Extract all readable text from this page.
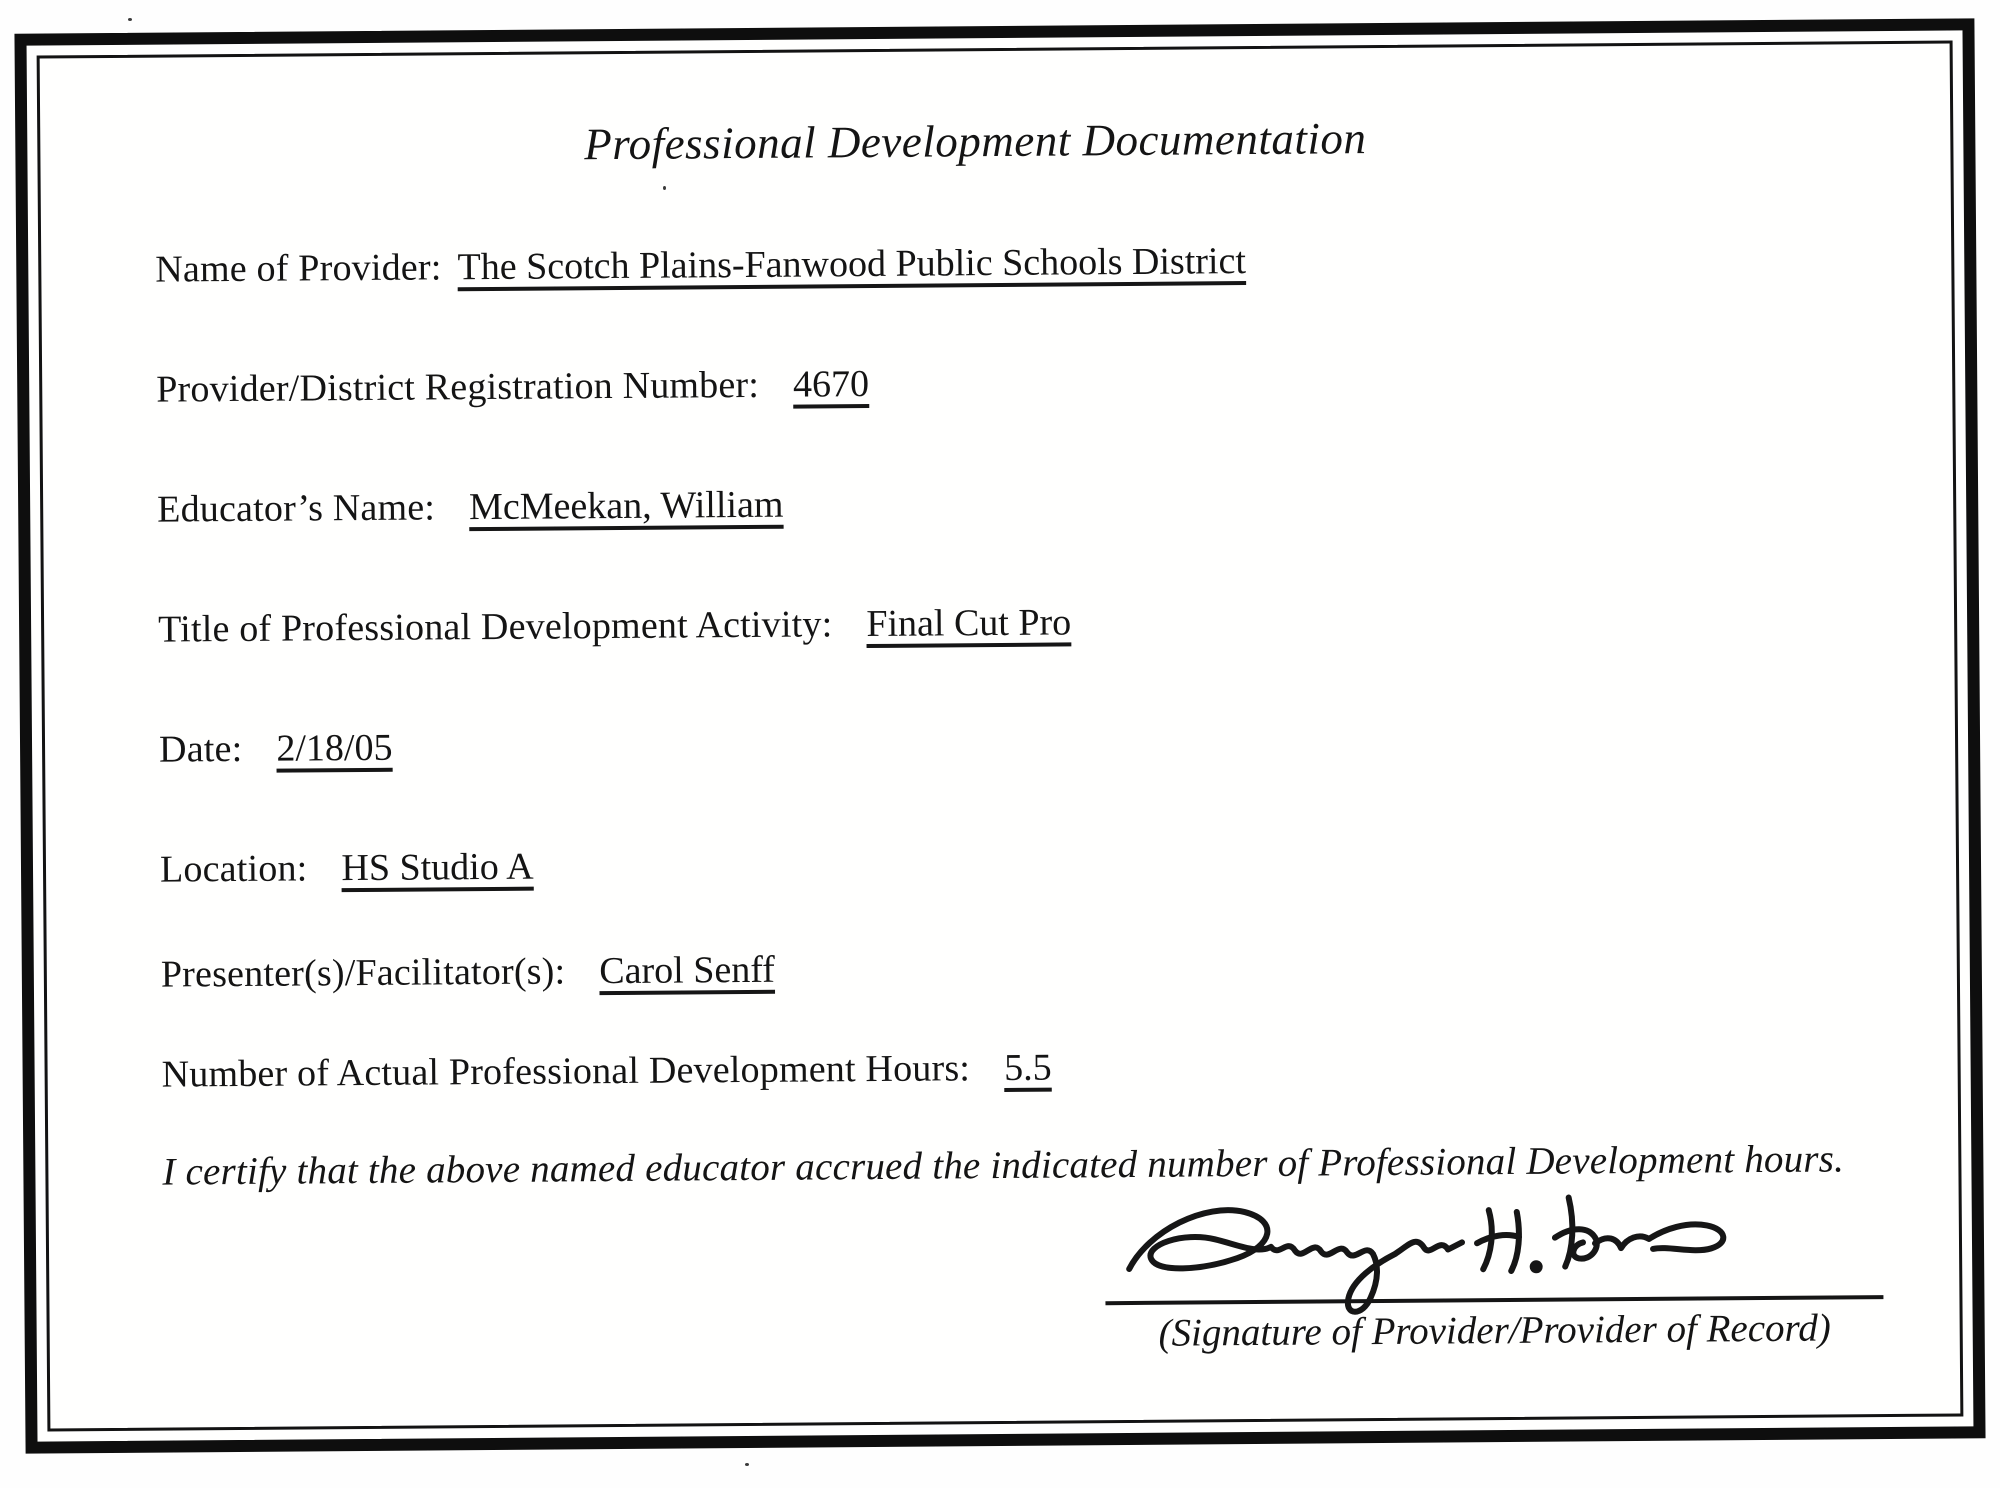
Professional Development Documentation
Name of Provider: The Scotch Plains-Fanwood Public Schools District
Provider/District Registration Number: 4670
Educator’s Name: McMeekan, William
Title of Professional Development Activity: Final Cut Pro
Date: 2/18/05
Location: HS Studio A
Presenter(s)/Facilitator(s): Carol Senff
Number of Actual Professional Development Hours: 5.5
I certify that the above named educator accrued the indicated number of Professional Development hours.
(Signature of Provider/Provider of Record)
